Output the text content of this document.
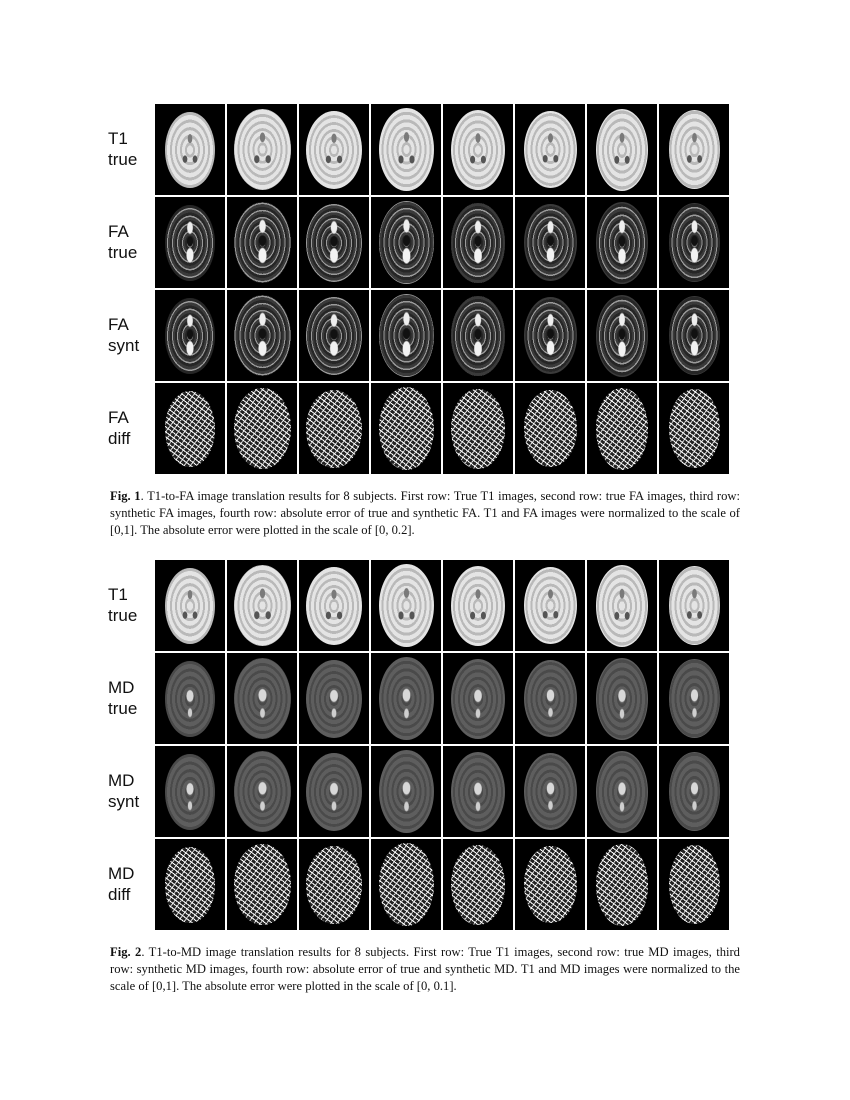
T1
true
FA
true
FA
synt
FA
diff
Fig. 1. T1-to-FA image translation results for 8 subjects. First row: True T1 images, second row: true FA images, third row: synthetic FA images, fourth row: absolute error of true and synthetic FA. T1 and FA images were normalized to the scale of [0,1]. The absolute error were plotted in the scale of [0, 0.2].
T1
true
MD
true
MD
synt
MD
diff
Fig. 2. T1-to-MD image translation results for 8 subjects. First row: True T1 images, second row: true MD images, third row: synthetic MD images, fourth row: absolute error of true and synthetic MD. T1 and MD images were normalized to the scale of [0,1]. The absolute error were plotted in the scale of [0, 0.1].
